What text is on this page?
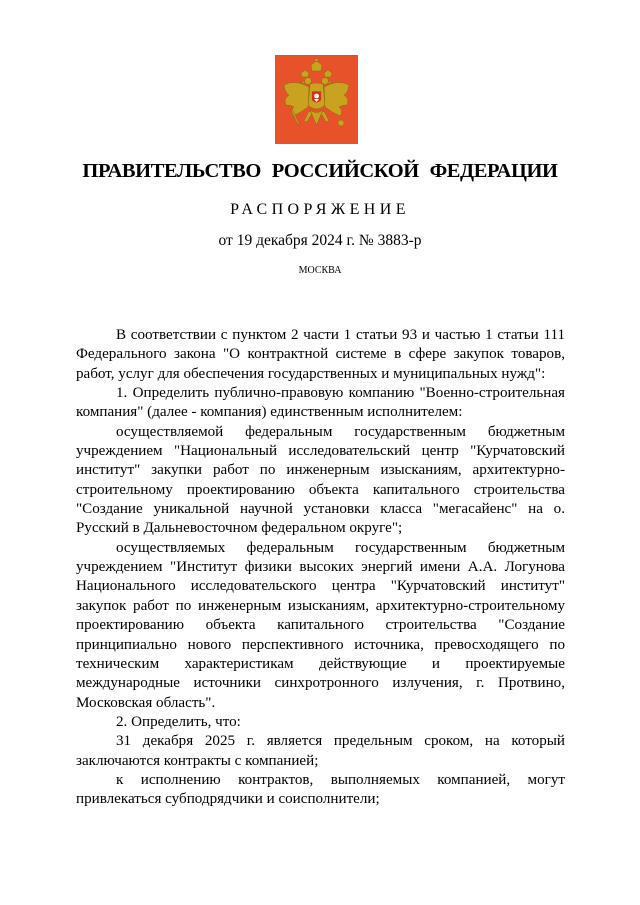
ПРАВИТЕЛЬСТВО РОССИЙСКОЙ ФЕДЕРАЦИИ
РАСПОРЯЖЕНИЕ
от 19 декабря 2024 г. № 3883-р
МОСКВА

В соответствии с пунктом 2 части 1 статьи 93 и частью 1 статьи 111 Федерального закона "О контрактной системе в сфере закупок товаров, работ, услуг для обеспечения государственных и муниципальных нужд":

1. Определить публично-правовую компанию "Военно-строительная компания" (далее - компания) единственным исполнителем:

осуществляемой федеральным государственным бюджетным учреждением "Национальный исследовательский центр "Курчатовский институт" закупки работ по инженерным изысканиям, архитектурно-строительному проектированию объекта капитального строительства "Создание уникальной научной установки класса "мегасайенс" на о. Русский в Дальневосточном федеральном округе";

осуществляемых федеральным государственным бюджетным учреждением "Институт физики высоких энергий имени А.А. Логунова Национального исследовательского центра "Курчатовский институт" закупок работ по инженерным изысканиям, архитектурно-строительному проектированию объекта капитального строительства "Создание принципиально нового перспективного источника, превосходящего по техническим характеристикам действующие и проектируемые международные источники синхротронного излучения, г. Протвино, Московская область".

2. Определить, что:

31 декабря 2025 г. является предельным сроком, на который заключаются контракты с компанией;

к исполнению контрактов, выполняемых компанией, могут привлекаться субподрядчики и соисполнители;
